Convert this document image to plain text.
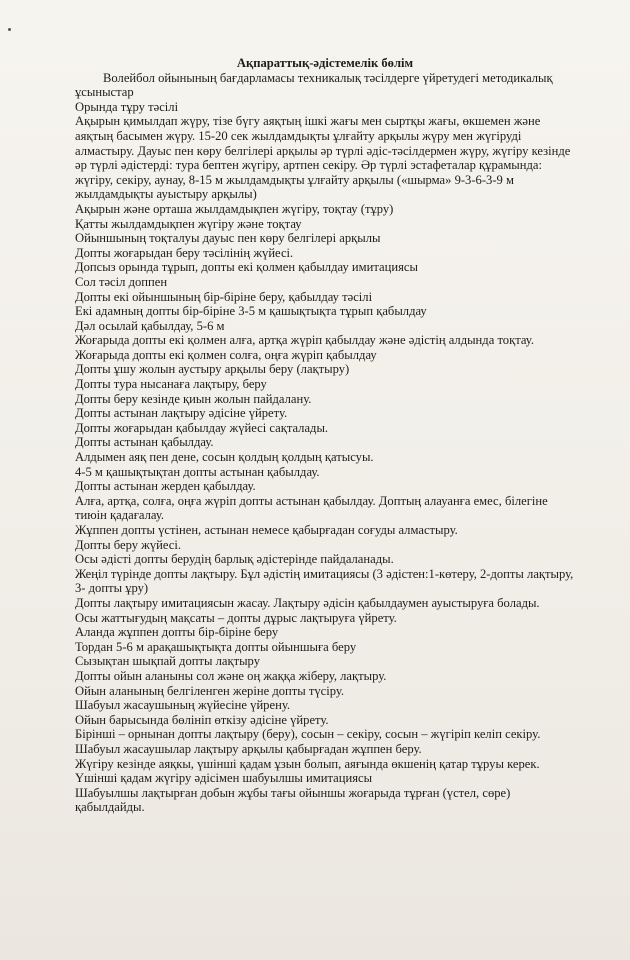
Ақпараттық-әдістемелік бөлім

Волейбол ойынының бағдарламасы техникалық тәсілдерге үйретудегі методикалық ұсыныстар

Орында тұру тәсілі

Ақырын қимылдап жүру, тізе бүгу аяқтың ішкі жағы мен сыртқы жағы, өкшемен және аяқтың басымен жүру. 15-20 сек жылдамдықты ұлғайту арқылы жүру мен жүгіруді алмастыру. Дауыс пен көру белгілері арқылы әр түрлі әдіс-тәсілдермен жүру, жүгіру кезінде әр түрлі әдістерді: тура бептен жүгіру, артпен секіру. Әр түрлі эстафеталар құрамында: жүгіру, секіру, аунау, 8-15 м жылдамдықты ұлғайту арқылы («шырма» 9-3-6-3-9 м жылдамдықты ауыстыру арқылы)

Ақырын және орташа жылдамдықпен жүгіру, тоқтау (тұру)

Қатты жылдамдықпен жүгіру және тоқтау

Ойыншының тоқталуы дауыс пен көру белгілері арқылы

Допты жоғарыдан беру тәсілінің жүйесі.

Допсыз орында тұрып, допты екі қолмен қабылдау имитациясы

Сол тәсіл доппен

Допты екі ойыншының бір-біріне беру, қабылдау тәсілі

Екі адамның допты бір-біріне 3-5 м қашықтықта тұрып қабылдау

Дәл осылай қабылдау, 5-6 м

Жоғарыда допты екі қолмен алға, артқа жүріп қабылдау және әдістің алдында тоқтау.

Жоғарыда допты екі қолмен солға, оңға жүріп қабылдау

Допты ұшу жолын аустыру арқылы беру (лақтыру)

Допты тура нысанаға лақтыру, беру

Допты беру кезінде қиын жолын пайдалану.

Допты астынан лақтыру әдісіне үйрету.

Допты жоғарыдан қабылдау жүйесі сақталады.

Допты астынан қабылдау.

Алдымен аяқ пен дене, сосын қолдың қолдың қатысуы.

4-5 м қашықтықтан допты астынан қабылдау.

Допты астынан жерден қабылдау.

Алға, артқа, солға, оңға жүріп допты астынан қабылдау. Доптың алауанға емес, білегіне тиюін қадағалау.

Жұппен допты үстінен, астынан немесе қабырғадан соғуды алмастыру.

Допты беру жүйесі.

Осы әдісті допты берудің барлық әдістерінде пайдаланады.

Жеңіл түрінде допты лақтыру. Бұл әдістің имитациясы (3 әдістен:1-көтеру, 2-допты лақтыру, 3- допты ұру)

Допты лақтыру имитациясын жасау. Лақтыру әдісін қабылдаумен ауыстыруға болады.

Осы жаттығудың мақсаты – допты дұрыс лақтыруға үйрету.

Аланда жұппен допты бір-біріне беру

Тордан 5-6 м арақашықтықта допты ойыншыға беру

Сызықтан шықпай допты лақтыру

Допты ойын аланыны сол жәнe оң жаққа жіберу, лақтыру.

Ойын аланының белгіленген жеріне допты түсіру.

Шабуыл жасаушының жүйесіне үйрену.

Ойын барысында бөлініп өткізу әдісіне үйрету.

Бірінші – орнынан допты лақтыру (беру), сосын – секіру, сосын – жүгіріп келіп секіру.

Шабуыл жасаушылар лақтыру арқылы қабырғадан жұппен беру.

Жүгіру кезінде аяқкы, үшінші қадам ұзын болып, аяғында өкшенің қатар тұруы керек.

Үшінші қадам жүгіру әдісімен шабуылшы имитациясы

Шабуылшы лақтырған добын жұбы тағы ойыншы жоғарыда тұрған (үстел, сөре) қабылдайды.
